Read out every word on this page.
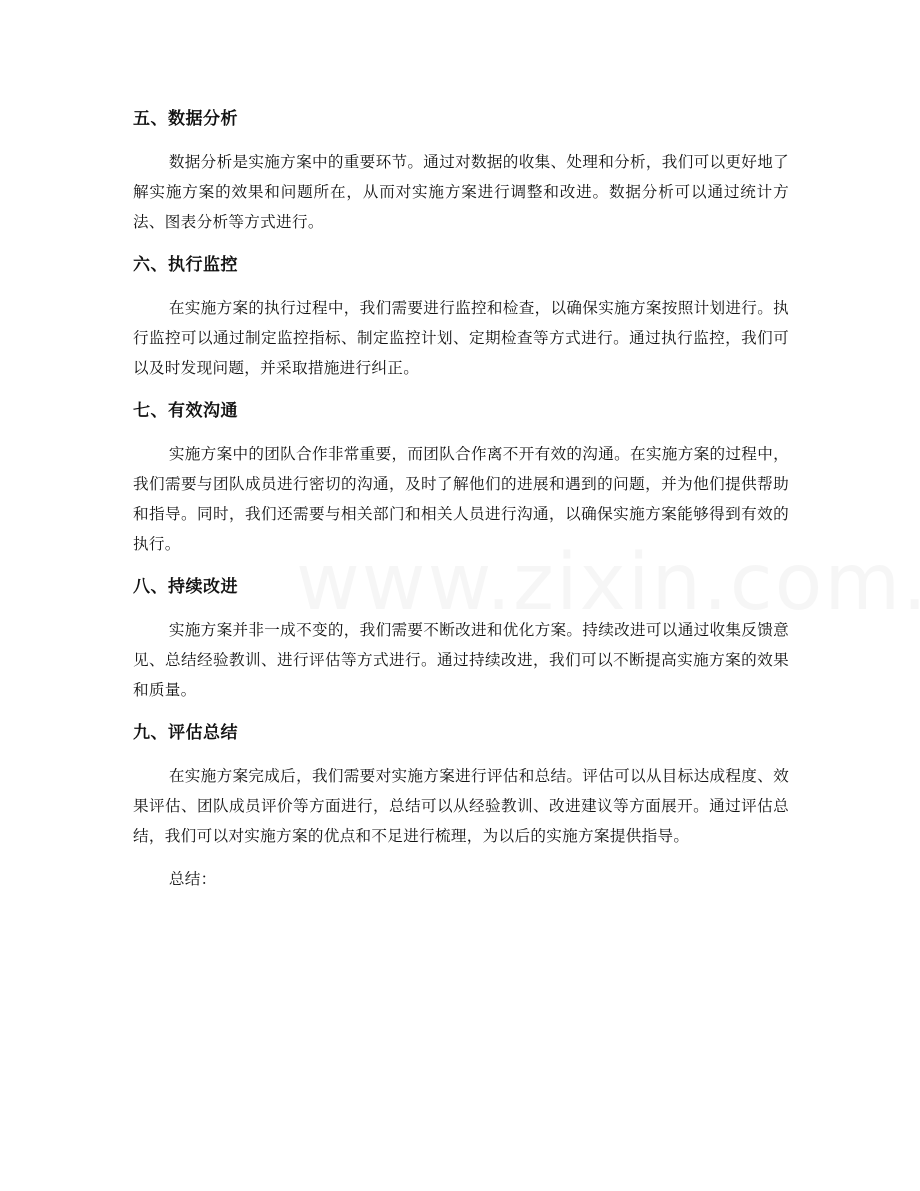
五、数据分析

数据分析是实施方案中的重要环节。通过对数据的收集、处理和分析，我们可以更好地了解实施方案的效果和问题所在，从而对实施方案进行调整和改进。数据分析可以通过统计方法、图表分析等方式进行。

六、执行监控

在实施方案的执行过程中，我们需要进行监控和检查，以确保实施方案按照计划进行。执行监控可以通过制定监控指标、制定监控计划、定期检查等方式进行。通过执行监控，我们可以及时发现问题，并采取措施进行纠正。

七、有效沟通

实施方案中的团队合作非常重要，而团队合作离不开有效的沟通。在实施方案的过程中，我们需要与团队成员进行密切的沟通，及时了解他们的进展和遇到的问题，并为他们提供帮助和指导。同时，我们还需要与相关部门和相关人员进行沟通，以确保实施方案能够得到有效的执行。

八、持续改进

实施方案并非一成不变的，我们需要不断改进和优化方案。持续改进可以通过收集反馈意见、总结经验教训、进行评估等方式进行。通过持续改进，我们可以不断提高实施方案的效果和质量。

九、评估总结

在实施方案完成后，我们需要对实施方案进行评估和总结。评估可以从目标达成程度、效果评估、团队成员评价等方面进行，总结可以从经验教训、改进建议等方面展开。通过评估总结，我们可以对实施方案的优点和不足进行梳理，为以后的实施方案提供指导。

总结：
